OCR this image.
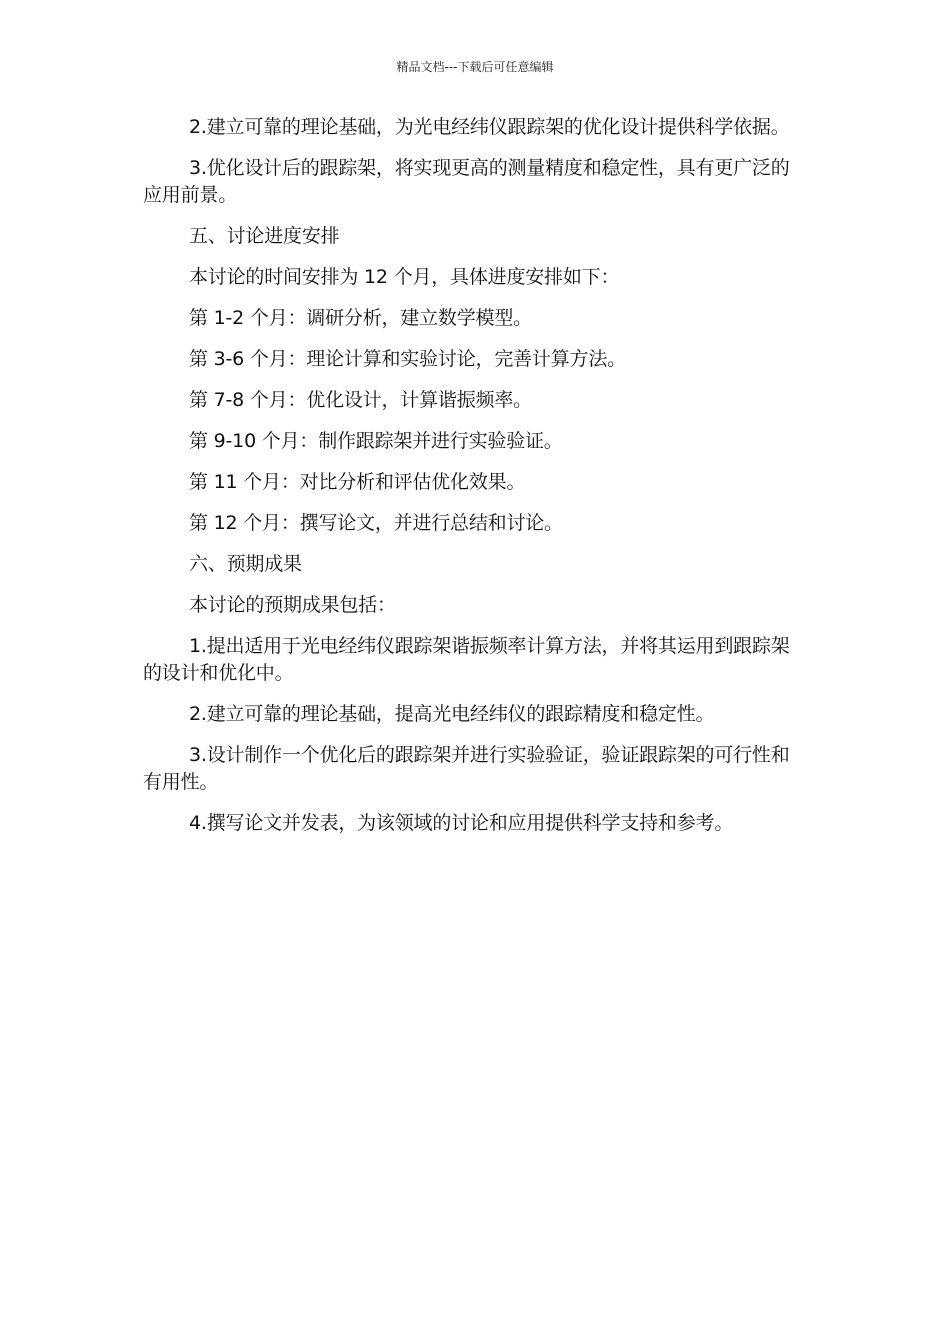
精品文档---下载后可任意编辑

2.建立可靠的理论基础，为光电经纬仪跟踪架的优化设计提供科学依据。

3.优化设计后的跟踪架，将实现更高的测量精度和稳定性，具有更广泛的应用前景。

五、讨论进度安排

本讨论的时间安排为 12 个月，具体进度安排如下：

第 1-2 个月：调研分析，建立数学模型。

第 3-6 个月：理论计算和实验讨论，完善计算方法。

第 7-8 个月：优化设计，计算谐振频率。

第 9-10 个月：制作跟踪架并进行实验验证。

第 11 个月：对比分析和评估优化效果。

第 12 个月：撰写论文，并进行总结和讨论。

六、预期成果

本讨论的预期成果包括：

1.提出适用于光电经纬仪跟踪架谐振频率计算方法，并将其运用到跟踪架的设计和优化中。

2.建立可靠的理论基础，提高光电经纬仪的跟踪精度和稳定性。

3.设计制作一个优化后的跟踪架并进行实验验证，验证跟踪架的可行性和有用性。

4.撰写论文并发表，为该领域的讨论和应用提供科学支持和参考。
